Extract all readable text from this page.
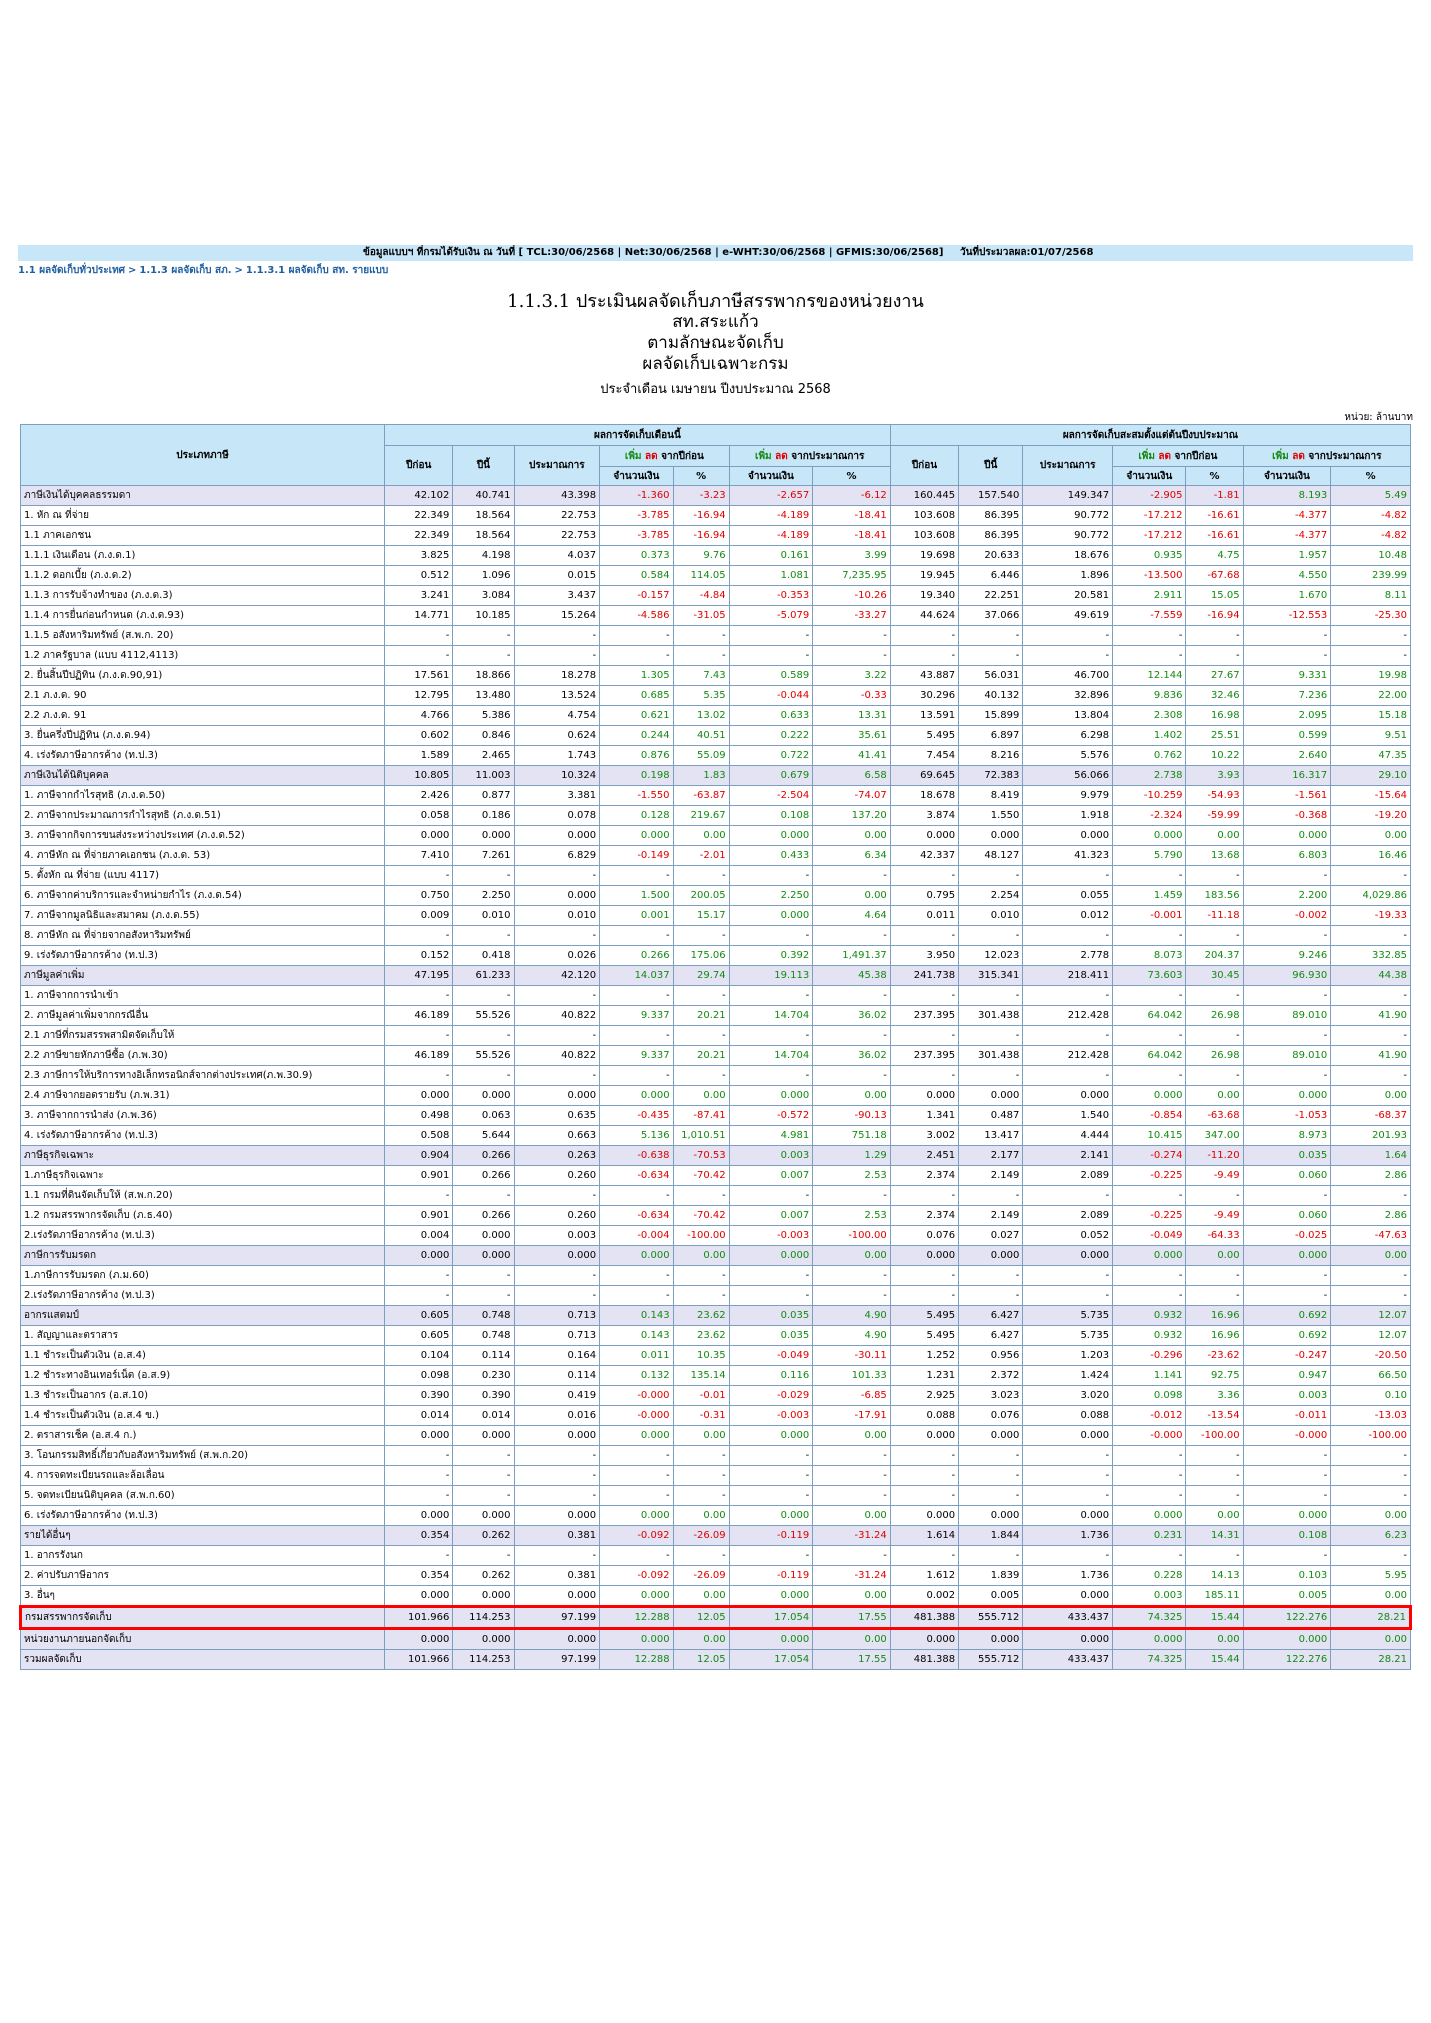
ข้อมูลแบบฯ ที่กรมได้รับเงิน ณ วันที่ [ TCL:30/06/2568 | Net:30/06/2568 | e-WHT:30/06/2568 | GFMIS:30/06/2568] วันที่ประมวลผล:01/07/2568
1.1 ผลจัดเก็บทั่วประเทศ > 1.1.3 ผลจัดเก็บ สภ. > 1.1.3.1 ผลจัดเก็บ สท. รายแบบ
1.1.3.1 ประเมินผลจัดเก็บภาษีสรรพากรของหน่วยงาน
สท.สระแก้ว
ตามลักษณะจัดเก็บ
ผลจัดเก็บเฉพาะกรม
ประจำเดือน เมษายน ปีงบประมาณ 2568
หน่วย: ล้านบาท
ประเภทภาษี	ผลการจัดเก็บเดือนนี้							ผลการจัดเก็บสะสมตั้งแต่ต้นปีงบประมาณ						
	ปีก่อน	ปีนี้	ประมาณการ	เพิ่ม ลด จากปีก่อน		เพิ่ม ลด จากประมาณการ		ปีก่อน	ปีนี้	ประมาณการ	เพิ่ม ลด จากปีก่อน		เพิ่ม ลด จากประมาณการ	
				จำนวนเงิน	%	จำนวนเงิน	%				จำนวนเงิน	%	จำนวนเงิน	%
ภาษีเงินได้บุคคลธรรมดา	42.102	40.741	43.398	-1.360	-3.23	-2.657	-6.12	160.445	157.540	149.347	-2.905	-1.81	8.193	5.49
1. หัก ณ ที่จ่าย	22.349	18.564	22.753	-3.785	-16.94	-4.189	-18.41	103.608	86.395	90.772	-17.212	-16.61	-4.377	-4.82
1.1 ภาคเอกชน	22.349	18.564	22.753	-3.785	-16.94	-4.189	-18.41	103.608	86.395	90.772	-17.212	-16.61	-4.377	-4.82
1.1.1 เงินเดือน (ภ.ง.ด.1)	3.825	4.198	4.037	0.373	9.76	0.161	3.99	19.698	20.633	18.676	0.935	4.75	1.957	10.48
1.1.2 ดอกเบี้ย (ภ.ง.ด.2)	0.512	1.096	0.015	0.584	114.05	1.081	7,235.95	19.945	6.446	1.896	-13.500	-67.68	4.550	239.99
1.1.3 การรับจ้างทำของ (ภ.ง.ด.3)	3.241	3.084	3.437	-0.157	-4.84	-0.353	-10.26	19.340	22.251	20.581	2.911	15.05	1.670	8.11
1.1.4 การยื่นก่อนกำหนด (ภ.ง.ด.93)	14.771	10.185	15.264	-4.586	-31.05	-5.079	-33.27	44.624	37.066	49.619	-7.559	-16.94	-12.553	-25.30
1.1.5 อสังหาริมทรัพย์ (ส.พ.ก. 20)	-	-	-	-	-	-	-	-	-	-	-	-	-	-
1.2 ภาครัฐบาล (แบบ 4112,4113)	-	-	-	-	-	-	-	-	-	-	-	-	-	-
2. ยื่นสิ้นปีปฏิทิน (ภ.ง.ด.90,91)	17.561	18.866	18.278	1.305	7.43	0.589	3.22	43.887	56.031	46.700	12.144	27.67	9.331	19.98
2.1 ภ.ง.ด. 90	12.795	13.480	13.524	0.685	5.35	-0.044	-0.33	30.296	40.132	32.896	9.836	32.46	7.236	22.00
2.2 ภ.ง.ด. 91	4.766	5.386	4.754	0.621	13.02	0.633	13.31	13.591	15.899	13.804	2.308	16.98	2.095	15.18
3. ยื่นครึ่งปีปฏิทิน (ภ.ง.ด.94)	0.602	0.846	0.624	0.244	40.51	0.222	35.61	5.495	6.897	6.298	1.402	25.51	0.599	9.51
4. เร่งรัดภาษีอากรค้าง (ท.ป.3)	1.589	2.465	1.743	0.876	55.09	0.722	41.41	7.454	8.216	5.576	0.762	10.22	2.640	47.35
ภาษีเงินได้นิติบุคคล	10.805	11.003	10.324	0.198	1.83	0.679	6.58	69.645	72.383	56.066	2.738	3.93	16.317	29.10
1. ภาษีจากกำไรสุทธิ (ภ.ง.ด.50)	2.426	0.877	3.381	-1.550	-63.87	-2.504	-74.07	18.678	8.419	9.979	-10.259	-54.93	-1.561	-15.64
2. ภาษีจากประมาณการกำไรสุทธิ (ภ.ง.ด.51)	0.058	0.186	0.078	0.128	219.67	0.108	137.20	3.874	1.550	1.918	-2.324	-59.99	-0.368	-19.20
3. ภาษีจากกิจการขนส่งระหว่างประเทศ (ภ.ง.ด.52)	0.000	0.000	0.000	0.000	0.00	0.000	0.00	0.000	0.000	0.000	0.000	0.00	0.000	0.00
4. ภาษีหัก ณ ที่จ่ายภาคเอกชน (ภ.ง.ด. 53)	7.410	7.261	6.829	-0.149	-2.01	0.433	6.34	42.337	48.127	41.323	5.790	13.68	6.803	16.46
5. ตั้งหัก ณ ที่จ่าย (แบบ 4117)	-	-	-	-	-	-	-	-	-	-	-	-	-	-
6. ภาษีจากค่าบริการและจำหน่ายกำไร (ภ.ง.ด.54)	0.750	2.250	0.000	1.500	200.05	2.250	0.00	0.795	2.254	0.055	1.459	183.56	2.200	4,029.86
7. ภาษีจากมูลนิธิและสมาคม (ภ.ง.ด.55)	0.009	0.010	0.010	0.001	15.17	0.000	4.64	0.011	0.010	0.012	-0.001	-11.18	-0.002	-19.33
8. ภาษีหัก ณ ที่จ่ายจากอสังหาริมทรัพย์	-	-	-	-	-	-	-	-	-	-	-	-	-	-
9. เร่งรัดภาษีอากรค้าง (ท.ป.3)	0.152	0.418	0.026	0.266	175.06	0.392	1,491.37	3.950	12.023	2.778	8.073	204.37	9.246	332.85
ภาษีมูลค่าเพิ่ม	47.195	61.233	42.120	14.037	29.74	19.113	45.38	241.738	315.341	218.411	73.603	30.45	96.930	44.38
1. ภาษีจากการนำเข้า	-	-	-	-	-	-	-	-	-	-	-	-	-	-
2. ภาษีมูลค่าเพิ่มจากกรณีอื่น	46.189	55.526	40.822	9.337	20.21	14.704	36.02	237.395	301.438	212.428	64.042	26.98	89.010	41.90
2.1 ภาษีที่กรมสรรพสามิตจัดเก็บให้	-	-	-	-	-	-	-	-	-	-	-	-	-	-
2.2 ภาษีขายหักภาษีซื้อ (ภ.พ.30)	46.189	55.526	40.822	9.337	20.21	14.704	36.02	237.395	301.438	212.428	64.042	26.98	89.010	41.90
2.3 ภาษีการให้บริการทางอิเล็กทรอนิกส์จากต่างประเทศ(ภ.พ.30.9)	-	-	-	-	-	-	-	-	-	-	-	-	-	-
2.4 ภาษีจากยอดรายรับ (ภ.พ.31)	0.000	0.000	0.000	0.000	0.00	0.000	0.00	0.000	0.000	0.000	0.000	0.00	0.000	0.00
3. ภาษีจากการนำส่ง (ภ.พ.36)	0.498	0.063	0.635	-0.435	-87.41	-0.572	-90.13	1.341	0.487	1.540	-0.854	-63.68	-1.053	-68.37
4. เร่งรัดภาษีอากรค้าง (ท.ป.3)	0.508	5.644	0.663	5.136	1,010.51	4.981	751.18	3.002	13.417	4.444	10.415	347.00	8.973	201.93
ภาษีธุรกิจเฉพาะ	0.904	0.266	0.263	-0.638	-70.53	0.003	1.29	2.451	2.177	2.141	-0.274	-11.20	0.035	1.64
1.ภาษีธุรกิจเฉพาะ	0.901	0.266	0.260	-0.634	-70.42	0.007	2.53	2.374	2.149	2.089	-0.225	-9.49	0.060	2.86
1.1 กรมที่ดินจัดเก็บให้ (ส.พ.ก.20)	-	-	-	-	-	-	-	-	-	-	-	-	-	-
1.2 กรมสรรพากรจัดเก็บ (ภ.ธ.40)	0.901	0.266	0.260	-0.634	-70.42	0.007	2.53	2.374	2.149	2.089	-0.225	-9.49	0.060	2.86
2.เร่งรัดภาษีอากรค้าง (ท.ป.3)	0.004	0.000	0.003	-0.004	-100.00	-0.003	-100.00	0.076	0.027	0.052	-0.049	-64.33	-0.025	-47.63
ภาษีการรับมรดก	0.000	0.000	0.000	0.000	0.00	0.000	0.00	0.000	0.000	0.000	0.000	0.00	0.000	0.00
1.ภาษีการรับมรดก (ภ.ม.60)	-	-	-	-	-	-	-	-	-	-	-	-	-	-
2.เร่งรัดภาษีอากรค้าง (ท.ป.3)	-	-	-	-	-	-	-	-	-	-	-	-	-	-
อากรแสตมป์	0.605	0.748	0.713	0.143	23.62	0.035	4.90	5.495	6.427	5.735	0.932	16.96	0.692	12.07
1. สัญญาและตราสาร	0.605	0.748	0.713	0.143	23.62	0.035	4.90	5.495	6.427	5.735	0.932	16.96	0.692	12.07
1.1 ชำระเป็นตัวเงิน (อ.ส.4)	0.104	0.114	0.164	0.011	10.35	-0.049	-30.11	1.252	0.956	1.203	-0.296	-23.62	-0.247	-20.50
1.2 ชำระทางอินเทอร์เน็ต (อ.ส.9)	0.098	0.230	0.114	0.132	135.14	0.116	101.33	1.231	2.372	1.424	1.141	92.75	0.947	66.50
1.3 ชำระเป็นอากร (อ.ส.10)	0.390	0.390	0.419	-0.000	-0.01	-0.029	-6.85	2.925	3.023	3.020	0.098	3.36	0.003	0.10
1.4 ชำระเป็นตัวเงิน (อ.ส.4 ข.)	0.014	0.014	0.016	-0.000	-0.31	-0.003	-17.91	0.088	0.076	0.088	-0.012	-13.54	-0.011	-13.03
2. ตราสารเช็ค (อ.ส.4 ก.)	0.000	0.000	0.000	0.000	0.00	0.000	0.00	0.000	0.000	0.000	-0.000	-100.00	-0.000	-100.00
3. โอนกรรมสิทธิ์เกี่ยวกับอสังหาริมทรัพย์ (ส.พ.ก.20)	-	-	-	-	-	-	-	-	-	-	-	-	-	-
4. การจดทะเบียนรถและล้อเลื่อน	-	-	-	-	-	-	-	-	-	-	-	-	-	-
5. จดทะเบียนนิติบุคคล (ส.พ.ก.60)	-	-	-	-	-	-	-	-	-	-	-	-	-	-
6. เร่งรัดภาษีอากรค้าง (ท.ป.3)	0.000	0.000	0.000	0.000	0.00	0.000	0.00	0.000	0.000	0.000	0.000	0.00	0.000	0.00
รายได้อื่นๆ	0.354	0.262	0.381	-0.092	-26.09	-0.119	-31.24	1.614	1.844	1.736	0.231	14.31	0.108	6.23
1. อากรรังนก	-	-	-	-	-	-	-	-	-	-	-	-	-	-
2. ค่าปรับภาษีอากร	0.354	0.262	0.381	-0.092	-26.09	-0.119	-31.24	1.612	1.839	1.736	0.228	14.13	0.103	5.95
3. อื่นๆ	0.000	0.000	0.000	0.000	0.00	0.000	0.00	0.002	0.005	0.000	0.003	185.11	0.005	0.00
กรมสรรพากรจัดเก็บ	101.966	114.253	97.199	12.288	12.05	17.054	17.55	481.388	555.712	433.437	74.325	15.44	122.276	28.21
หน่วยงานภายนอกจัดเก็บ	0.000	0.000	0.000	0.000	0.00	0.000	0.00	0.000	0.000	0.000	0.000	0.00	0.000	0.00
รวมผลจัดเก็บ	101.966	114.253	97.199	12.288	12.05	17.054	17.55	481.388	555.712	433.437	74.325	15.44	122.276	28.21
